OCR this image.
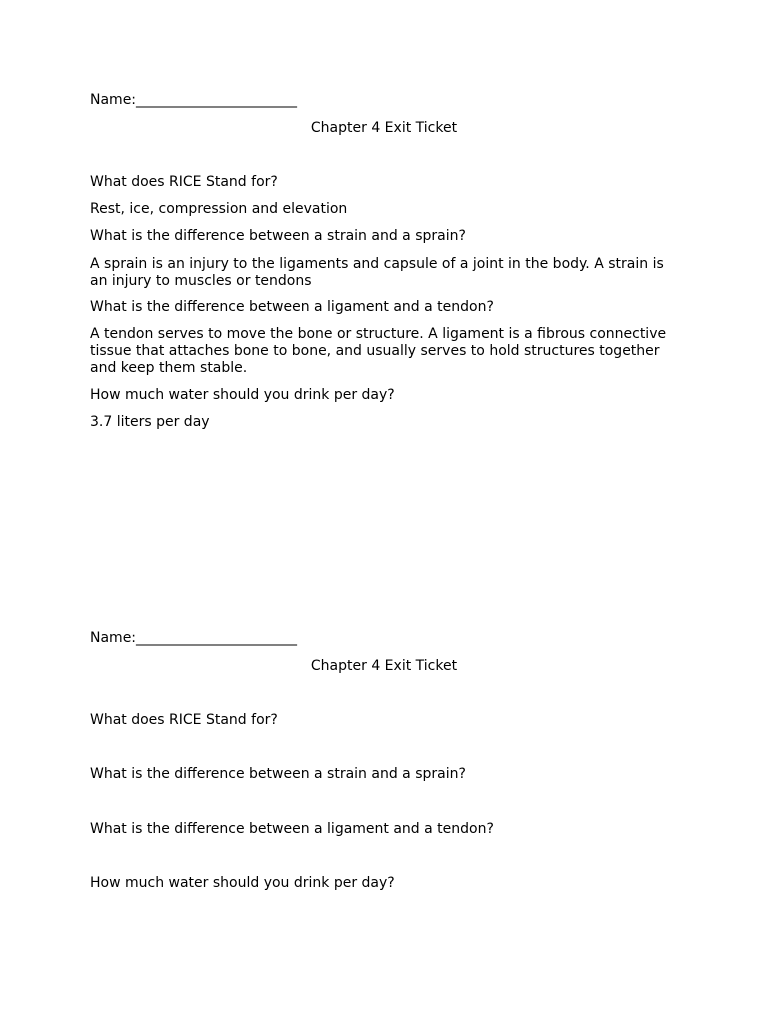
Name:_______________________
Chapter 4 Exit Ticket
What does RICE Stand for?
Rest, ice, compression and elevation
What is the difference between a strain and a sprain?
A sprain is an injury to the ligaments and capsule of a joint in the body. A strain is an injury to muscles or tendons
What is the difference between a ligament and a tendon?
A tendon serves to move the bone or structure. A ligament is a fibrous connective tissue that attaches bone to bone, and usually serves to hold structures together and keep them stable.
How much water should you drink per day?
3.7 liters per day
Name:_______________________
Chapter 4 Exit Ticket
What does RICE Stand for?
What is the difference between a strain and a sprain?
What is the difference between a ligament and a tendon?
How much water should you drink per day?
